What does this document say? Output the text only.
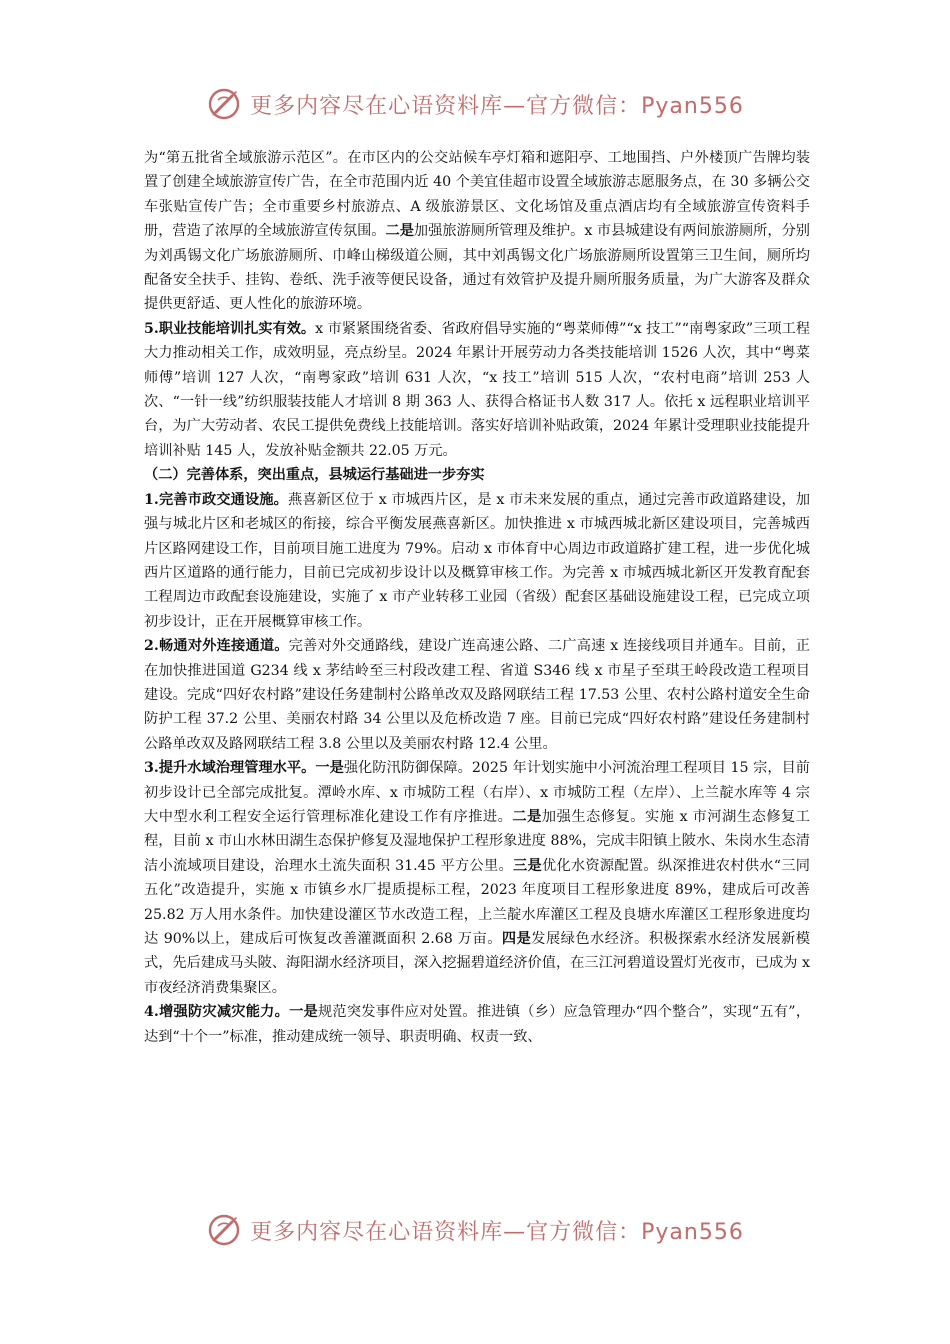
更多内容尽在心语资料库—官方微信：Pyan556

为“第五批省全域旅游示范区”。在市区内的公交站候车亭灯箱和遮阳亭、工地围挡、户外楼顶广告牌均装置了创建全域旅游宣传广告，在全市范围内近 40 个美宜佳超市设置全域旅游志愿服务点，在 30 多辆公交车张贴宣传广告；全市重要乡村旅游点、A 级旅游景区、文化场馆及重点酒店均有全域旅游宣传资料手册，营造了浓厚的全域旅游宣传氛围。二是加强旅游厕所管理及维护。x 市县城建设有两间旅游厕所，分别为刘禹锡文化广场旅游厕所、巾峰山梯级道公厕，其中刘禹锡文化广场旅游厕所设置第三卫生间，厕所均配备安全扶手、挂钩、卷纸、洗手液等便民设备，通过有效管护及提升厕所服务质量，为广大游客及群众提供更舒适、更人性化的旅游环境。

5.职业技能培训扎实有效。x 市紧紧围绕省委、省政府倡导实施的“粤菜师傅”“x 技工”“南粤家政”三项工程大力推动相关工作，成效明显，亮点纷呈。2024 年累计开展劳动力各类技能培训 1526 人次，其中“粤菜师傅”培训 127 人次，“南粤家政”培训 631 人次，“x 技工”培训 515 人次，“农村电商”培训 253 人次、“一针一线”纺织服装技能人才培训 8 期 363 人、获得合格证书人数 317 人。依托 x 远程职业培训平台，为广大劳动者、农民工提供免费线上技能培训。落实好培训补贴政策，2024 年累计受理职业技能提升培训补贴 145 人，发放补贴金额共 22.05 万元。

（二）完善体系，突出重点，县城运行基础进一步夯实

1.完善市政交通设施。燕喜新区位于 x 市城西片区，是 x 市未来发展的重点，通过完善市政道路建设，加强与城北片区和老城区的衔接，综合平衡发展燕喜新区。加快推进 x 市城西城北新区建设项目，完善城西片区路网建设工作，目前项目施工进度为 79%。启动 x 市体育中心周边市政道路扩建工程，进一步优化城西片区道路的通行能力，目前已完成初步设计以及概算审核工作。为完善 x 市城西城北新区开发教育配套工程周边市政配套设施建设，实施了 x 市产业转移工业园（省级）配套区基础设施建设工程，已完成立项初步设计，正在开展概算审核工作。

2.畅通对外连接通道。完善对外交通路线，建设广连高速公路、二广高速 x 连接线项目并通车。目前，正在加快推进国道 G234 线 x 茅结岭至三村段改建工程、省道 S346 线 x 市星子至琪王岭段改造工程项目建设。完成“四好农村路”建设任务建制村公路单改双及路网联结工程 17.53 公里、农村公路村道安全生命防护工程 37.2 公里、美丽农村路 34 公里以及危桥改造 7 座。目前已完成“四好农村路”建设任务建制村公路单改双及路网联结工程 3.8 公里以及美丽农村路 12.4 公里。

3.提升水域治理管理水平。一是强化防汛防御保障。2025 年计划实施中小河流治理工程项目 15 宗，目前初步设计已全部完成批复。潭岭水库、x 市城防工程（右岸）、x 市城防工程（左岸）、上兰靛水库等 4 宗大中型水利工程安全运行管理标准化建设工作有序推进。二是加强生态修复。实施 x 市河湖生态修复工程，目前 x 市山水林田湖生态保护修复及湿地保护工程形象进度 88%，完成丰阳镇上陂水、朱岗水生态清洁小流域项目建设，治理水土流失面积 31.45 平方公里。三是优化水资源配置。纵深推进农村供水“三同五化”改造提升，实施 x 市镇乡水厂提质提标工程，2023 年度项目工程形象进度 89%，建成后可改善 25.82 万人用水条件。加快建设灌区节水改造工程，上兰靛水库灌区工程及良塘水库灌区工程形象进度均达 90%以上，建成后可恢复改善灌溉面积 2.68 万亩。四是发展绿色水经济。积极探索水经济发展新模式，先后建成马头陂、海阳湖水经济项目，深入挖掘碧道经济价值，在三江河碧道设置灯光夜市，已成为 x 市夜经济消费集聚区。

4.增强防灾减灾能力。一是规范突发事件应对处置。推进镇（乡）应急管理办“四个整合”，实现“五有”，达到“十个一”标准，推动建成统一领导、职责明确、权责一致、

更多内容尽在心语资料库—官方微信：Pyan556
